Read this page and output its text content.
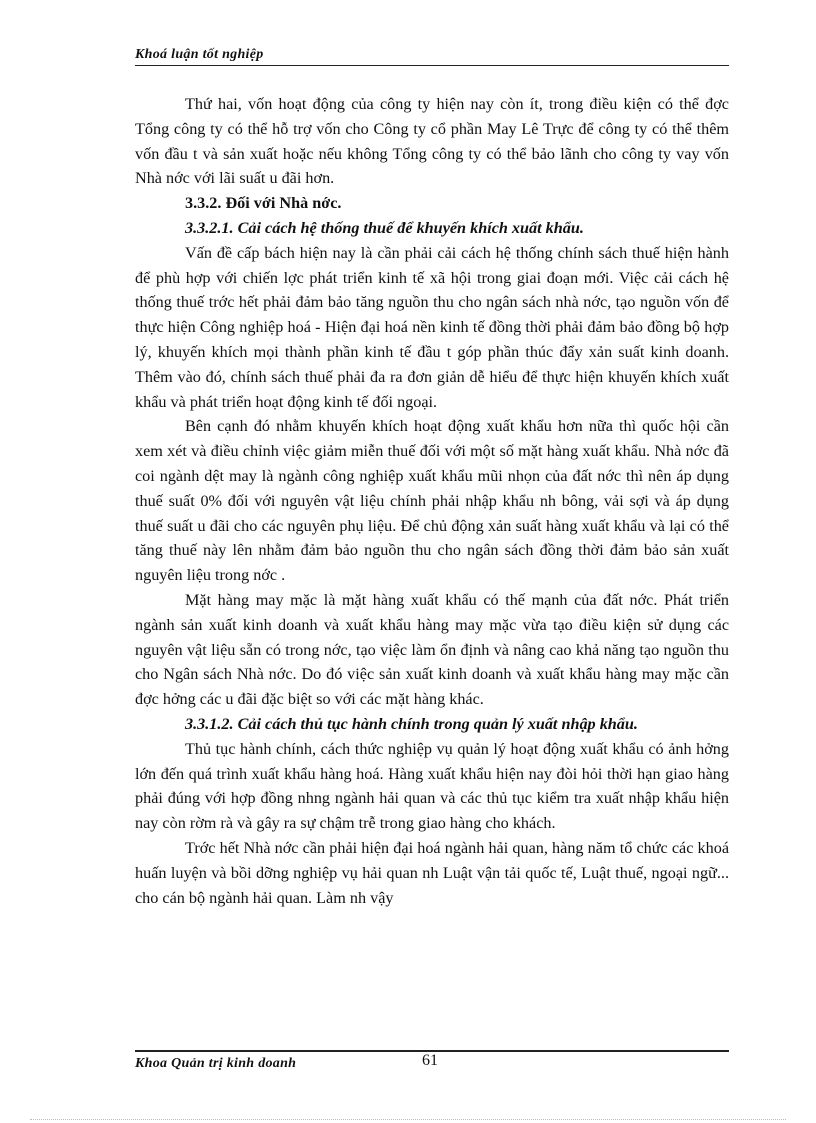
Khoá luận tốt nghiệp

Thứ hai, vốn hoạt động của công ty hiện nay còn ít, trong điều kiện có thể đợc Tổng công ty có thể hỗ trợ vốn cho Công ty cổ phần May Lê Trực để công ty có thể thêm vốn đầu t và sản xuất hoặc nếu không Tổng công ty có thể bảo lãnh cho công ty vay vốn Nhà nớc với lãi suất u đãi hơn.

3.3.2. Đối với Nhà nớc.

3.3.2.1. Cải cách hệ thống thuế để khuyến khích xuất khẩu.

Vấn đề cấp bách hiện nay là cần phải cải cách hệ thống chính sách thuế hiện hành để phù hợp với chiến lợc phát triển kinh tế xã hội trong giai đoạn mới. Việc cải cách hệ thống thuế trớc hết phải đảm bảo tăng nguồn thu cho ngân sách nhà nớc, tạo nguồn vốn để thực hiện Công nghiệp hoá - Hiện đại hoá nền kinh tế đồng thời phải đảm bảo đồng bộ hợp lý, khuyến khích mọi thành phần kinh tế đầu t góp phần thúc đẩy xản suất kinh doanh. Thêm vào đó, chính sách thuế phải đa ra đơn giản dễ hiểu để thực hiện khuyến khích xuất khẩu và phát triển hoạt động kinh tế đối ngoại.

Bên cạnh đó nhằm khuyến khích hoạt động xuất khẩu hơn nữa thì quốc hội cần xem xét và điều chỉnh việc giảm miễn thuế đối với một số mặt hàng xuất khẩu. Nhà nớc đã coi ngành dệt may là ngành công nghiệp xuất khẩu mũi nhọn của đất nớc thì nên áp dụng thuế suất 0% đối với nguyên vật liệu chính phải nhập khẩu nh bông, vải sợi và áp dụng thuế suất u đãi cho các nguyên phụ liệu. Để chủ động xản suất hàng xuất khẩu và lại có thể tăng thuế này lên nhằm đảm bảo nguồn thu cho ngân sách đồng thời đảm bảo sản xuất nguyên liệu trong nớc .

Mặt hàng may mặc là mặt hàng xuất khẩu có thế mạnh của đất nớc. Phát triển ngành sản xuất kinh doanh và xuất khẩu hàng may mặc vừa tạo điều kiện sử dụng các nguyên vật liệu sẵn có trong nớc, tạo việc làm ổn định và nâng cao khả năng tạo nguồn thu cho Ngân sách Nhà nớc. Do đó việc sản xuất kinh doanh và xuất khẩu hàng may mặc cần đợc hởng các u đãi đặc biệt so với các mặt hàng khác.

3.3.1.2. Cải cách thủ tục hành chính trong quản lý xuất nhập khẩu.

Thủ tục hành chính, cách thức nghiệp vụ quản lý hoạt động xuất khẩu có ảnh hởng lớn đến quá trình xuất khẩu hàng hoá. Hàng xuất khẩu hiện nay đòi hỏi thời hạn giao hàng phải đúng với hợp đồng nhng ngành hải quan và các thủ tục kiểm tra xuất nhập khẩu hiện nay còn rờm rà và gây ra sự chậm trễ trong giao hàng cho khách.

Trớc hết Nhà nớc cần phải hiện đại hoá ngành hải quan, hàng năm tổ chức các khoá huấn luyện và bồi dỡng nghiệp vụ hải quan nh Luật vận tải quốc tế, Luật thuế, ngoại ngữ... cho cán bộ ngành hải quan. Làm nh vậy

Khoa Quản trị kinh doanh	61
